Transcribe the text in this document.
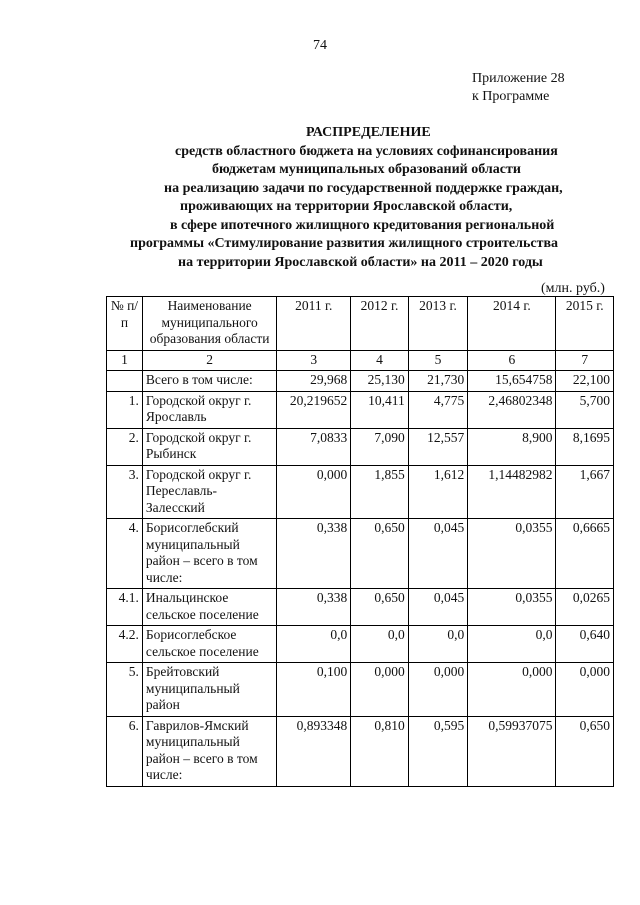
74
Приложение 28
к Программе
РАСПРЕДЕЛЕНИЕ
средств областного бюджета на условиях софинансирования
бюджетам муниципальных образований области
на реализацию задачи по государственной поддержке граждан,
проживающих на территории Ярославской области,
в сфере ипотечного жилищного кредитования региональной
программы «Стимулирование развития жилищного строительства
на территории Ярославской области» на 2011 – 2020 годы
(млн. руб.)
№ п/п	Наименование муниципального образования области	2011 г.	2012 г.	2013 г.	2014 г.	2015 г.
1	2	3	4	5	6	7
	Всего в том числе:	29,968	25,130	21,730	15,654758	22,100
1.	Городской округ г. Ярославль	20,219652	10,411	4,775	2,46802348	5,700
2.	Городской округ г. Рыбинск	7,0833	7,090	12,557	8,900	8,1695
3.	Городской округ г. Переславль-Залесский	0,000	1,855	1,612	1,14482982	1,667
4.	Борисоглебский муниципальный район – всего в том числе:	0,338	0,650	0,045	0,0355	0,6665
4.1.	Инальцинское сельское поселение	0,338	0,650	0,045	0,0355	0,0265
4.2.	Борисоглебское сельское поселение	0,0	0,0	0,0	0,0	0,640
5.	Брейтовский муниципальный район	0,100	0,000	0,000	0,000	0,000
6.	Гаврилов-Ямский муниципальный район – всего в том числе:	0,893348	0,810	0,595	0,59937075	0,650
